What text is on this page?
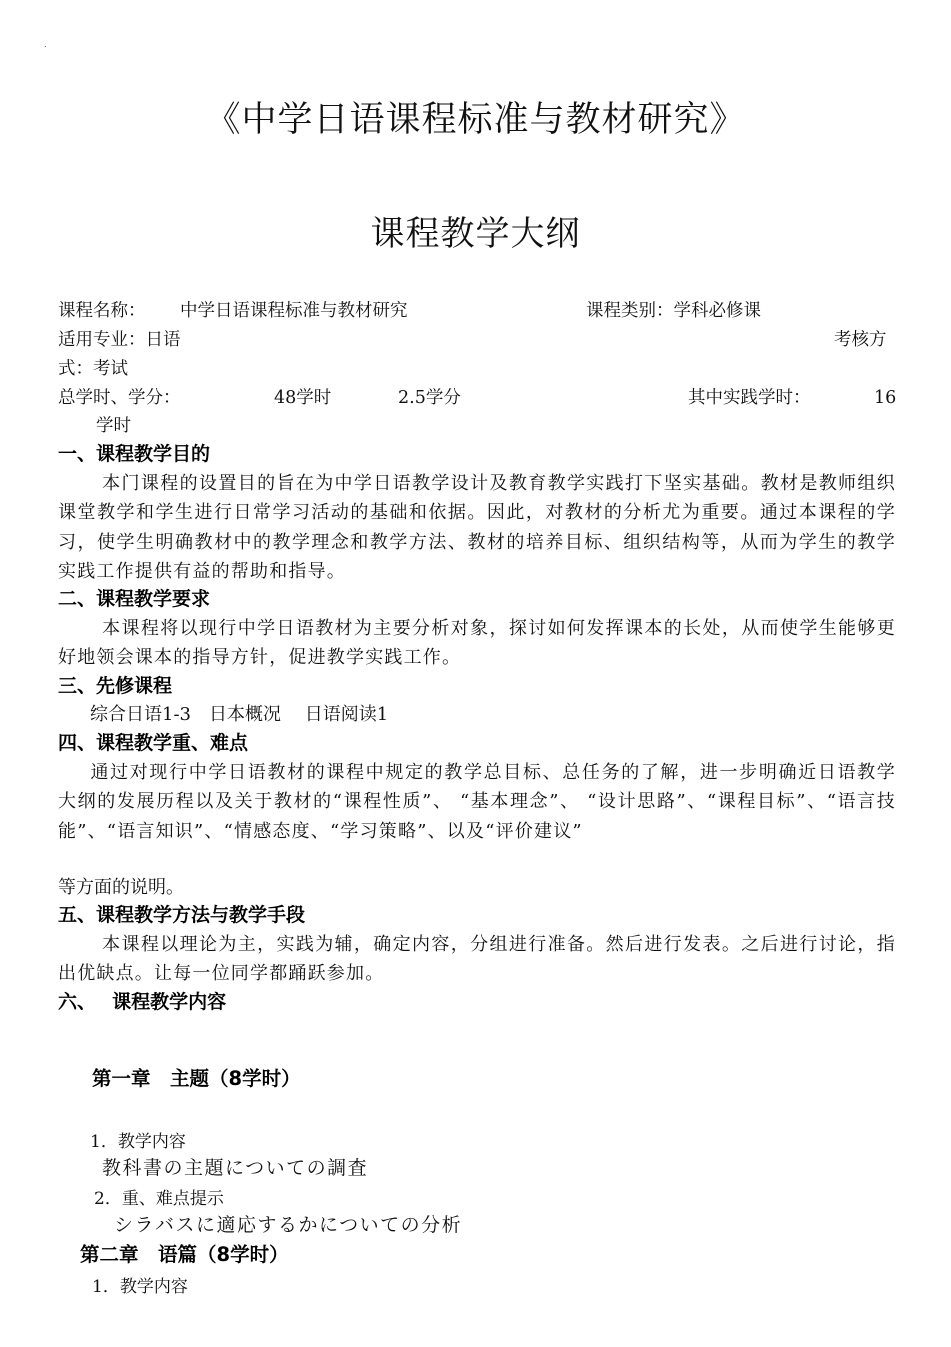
.
《中学日语课程标准与教材研究》
课程教学大纲
课程名称： 中学日语课程标准与教材研究	课程类别：学科必修课
适用专业：日语	考核方
式：考试
总学时、学分：	48学时	2.5学分	其中实践学时：	16
学时
一、课程教学目的
本门课程的设置目的旨在为中学日语教学设计及教育教学实践打下坚实基础。教材是教师组织课堂教学和学生进行日常学习活动的基础和依据。因此，对教材的分析尤为重要。通过本课程的学习，使学生明确教材中的教学理念和教学方法、教材的培养目标、组织结构等，从而为学生的教学实践工作提供有益的帮助和指导。
二、课程教学要求
本课程将以现行中学日语教材为主要分析对象，探讨如何发挥课本的长处，从而使学生能够更好地领会课本的指导方针，促进教学实践工作。
三、先修课程
综合日语1-3　日本概况　 日语阅读1
四、课程教学重、难点
通过对现行中学日语教材的课程中规定的教学总目标、总任务的了解，进一步明确近日语教学大纲的发展历程以及关于教材的“课程性质”、 “基本理念”、 “设计思路”、“课程目标”、“语言技能”、“语言知识”、“情感态度、“学习策略”、以及“评价建议”
等方面的说明。
五、课程教学方法与教学手段
本课程以理论为主，实践为辅，确定内容，分组进行准备。然后进行发表。之后进行讨论，指出优缺点。让每一位同学都踊跃参加。
六、　 课程教学内容
第一章　主题（8学时）
1．教学内容
教科書の主題についての調査
2．重、难点提示
シラバスに適応するかについての分析
第二章　语篇（8学时）
1．教学内容
